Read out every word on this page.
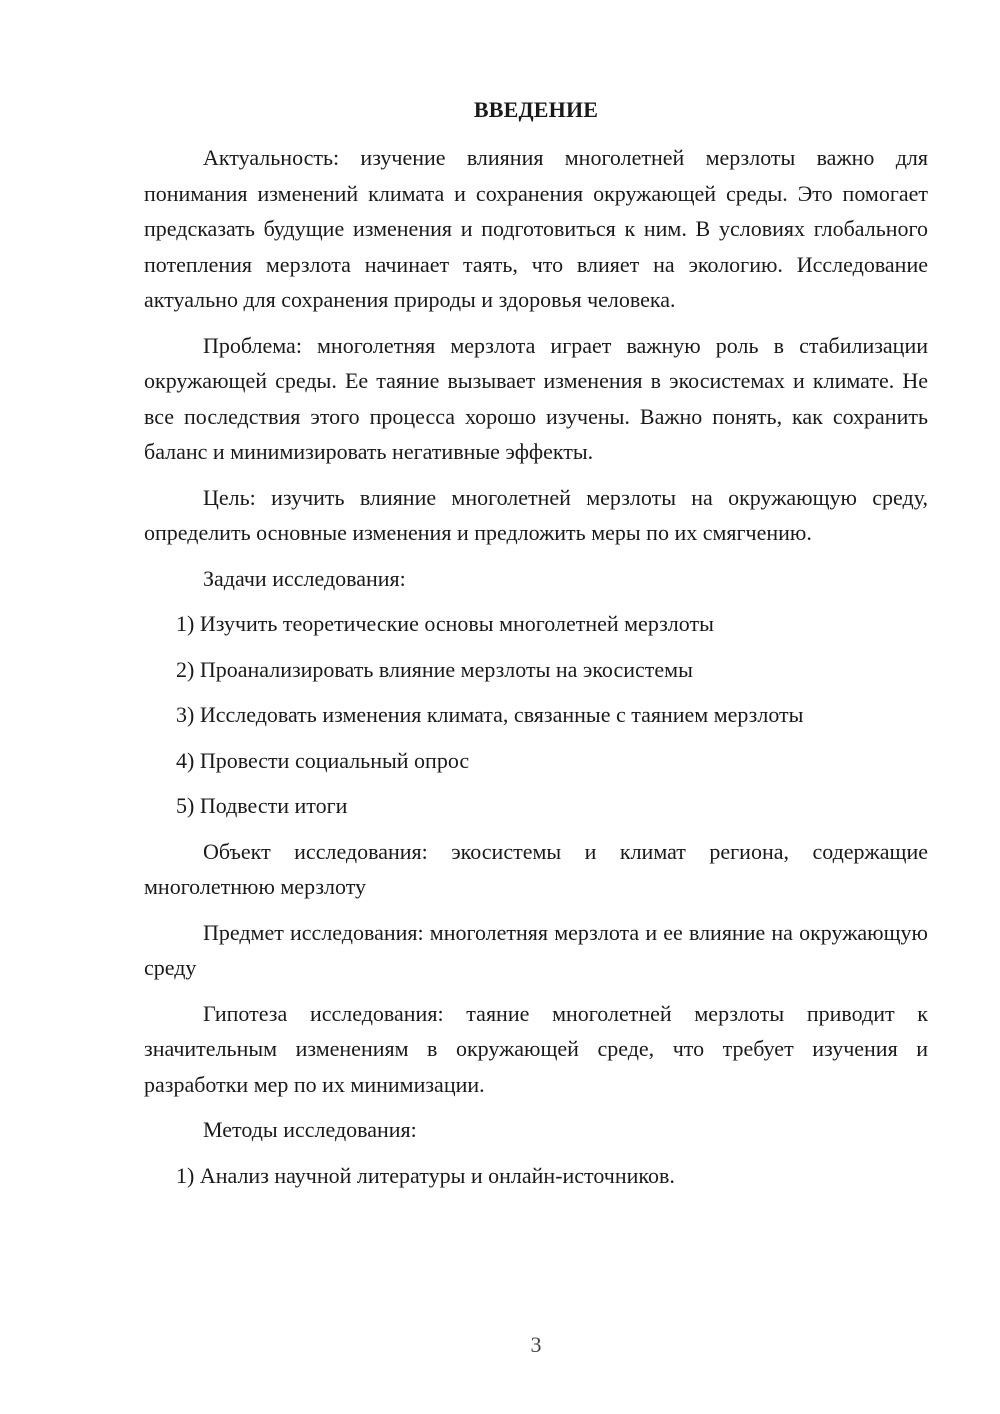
ВВЕДЕНИЕ

Актуальность: изучение влияния многолетней мерзлоты важно для понимания изменений климата и сохранения окружающей среды. Это помогает предсказать будущие изменения и подготовиться к ним. В условиях глобального потепления мерзлота начинает таять, что влияет на экологию. Исследование актуально для сохранения природы и здоровья человека.

Проблема: многолетняя мерзлота играет важную роль в стабилизации окружающей среды. Ее таяние вызывает изменения в экосистемах и климате. Не все последствия этого процесса хорошо изучены. Важно понять, как сохранить баланс и минимизировать негативные эффекты.

Цель: изучить влияние многолетней мерзлоты на окружающую среду, определить основные изменения и предложить меры по их смягчению.

Задачи исследования:

1) Изучить теоретические основы многолетней мерзлоты
2) Проанализировать влияние мерзлоты на экосистемы
3) Исследовать изменения климата, связанные с таянием мерзлоты
4) Провести социальный опрос
5) Подвести итоги

Объект исследования: экосистемы и климат региона, содержащие многолетнюю мерзлоту

Предмет исследования: многолетняя мерзлота и ее влияние на окружающую среду

Гипотеза исследования: таяние многолетней мерзлоты приводит к значительным изменениям в окружающей среде, что требует изучения и разработки мер по их минимизации.

Методы исследования:

1) Анализ научной литературы и онлайн-источников.
3
